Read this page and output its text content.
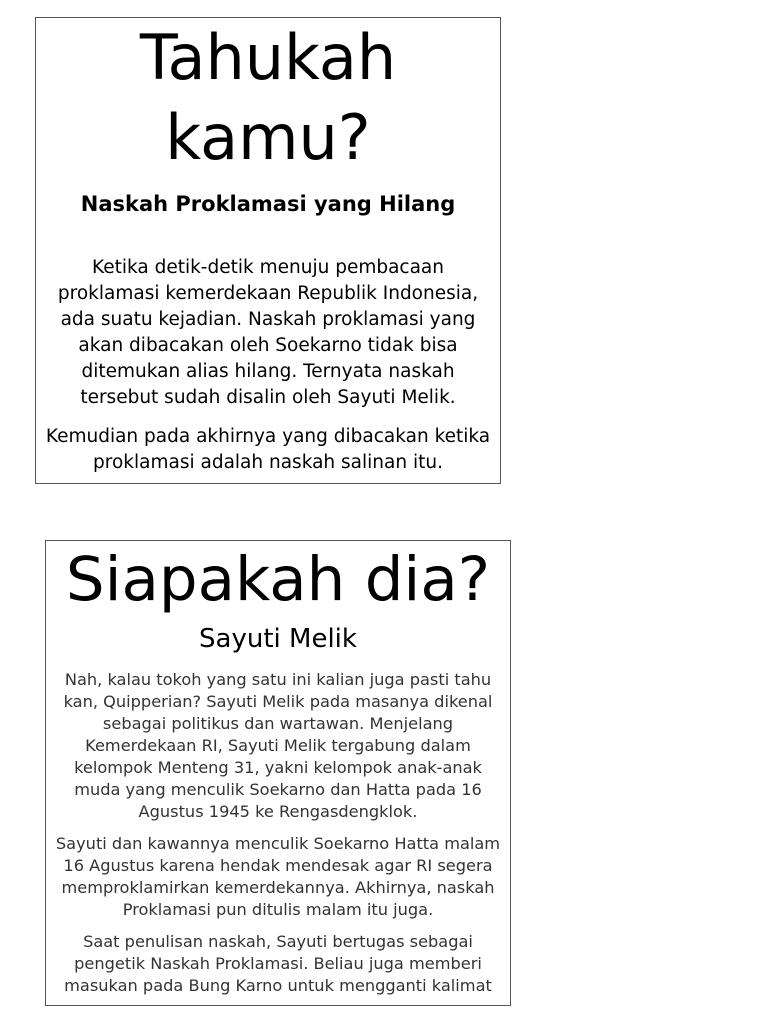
Tahukah
kamu?
Naskah Proklamasi yang Hilang

Ketika detik-detik menuju pembacaan proklamasi kemerdekaan Republik Indonesia, ada suatu kejadian. Naskah proklamasi yang akan dibacakan oleh Soekarno tidak bisa ditemukan alias hilang. Ternyata naskah tersebut sudah disalin oleh Sayuti Melik.

Kemudian pada akhirnya yang dibacakan ketika proklamasi adalah naskah salinan itu.

Siapakah dia?
Sayuti Melik

Nah, kalau tokoh yang satu ini kalian juga pasti tahu kan, Quipperian? Sayuti Melik pada masanya dikenal sebagai politikus dan wartawan. Menjelang Kemerdekaan RI, Sayuti Melik tergabung dalam kelompok Menteng 31, yakni kelompok anak-anak muda yang menculik Soekarno dan Hatta pada 16 Agustus 1945 ke Rengasdengklok.

Sayuti dan kawannya menculik Soekarno Hatta malam 16 Agustus karena hendak mendesak agar RI segera memproklamirkan kemerdekannya. Akhirnya, naskah Proklamasi pun ditulis malam itu juga.

Saat penulisan naskah, Sayuti bertugas sebagai pengetik Naskah Proklamasi. Beliau juga memberi masukan pada Bung Karno untuk mengganti kalimat
